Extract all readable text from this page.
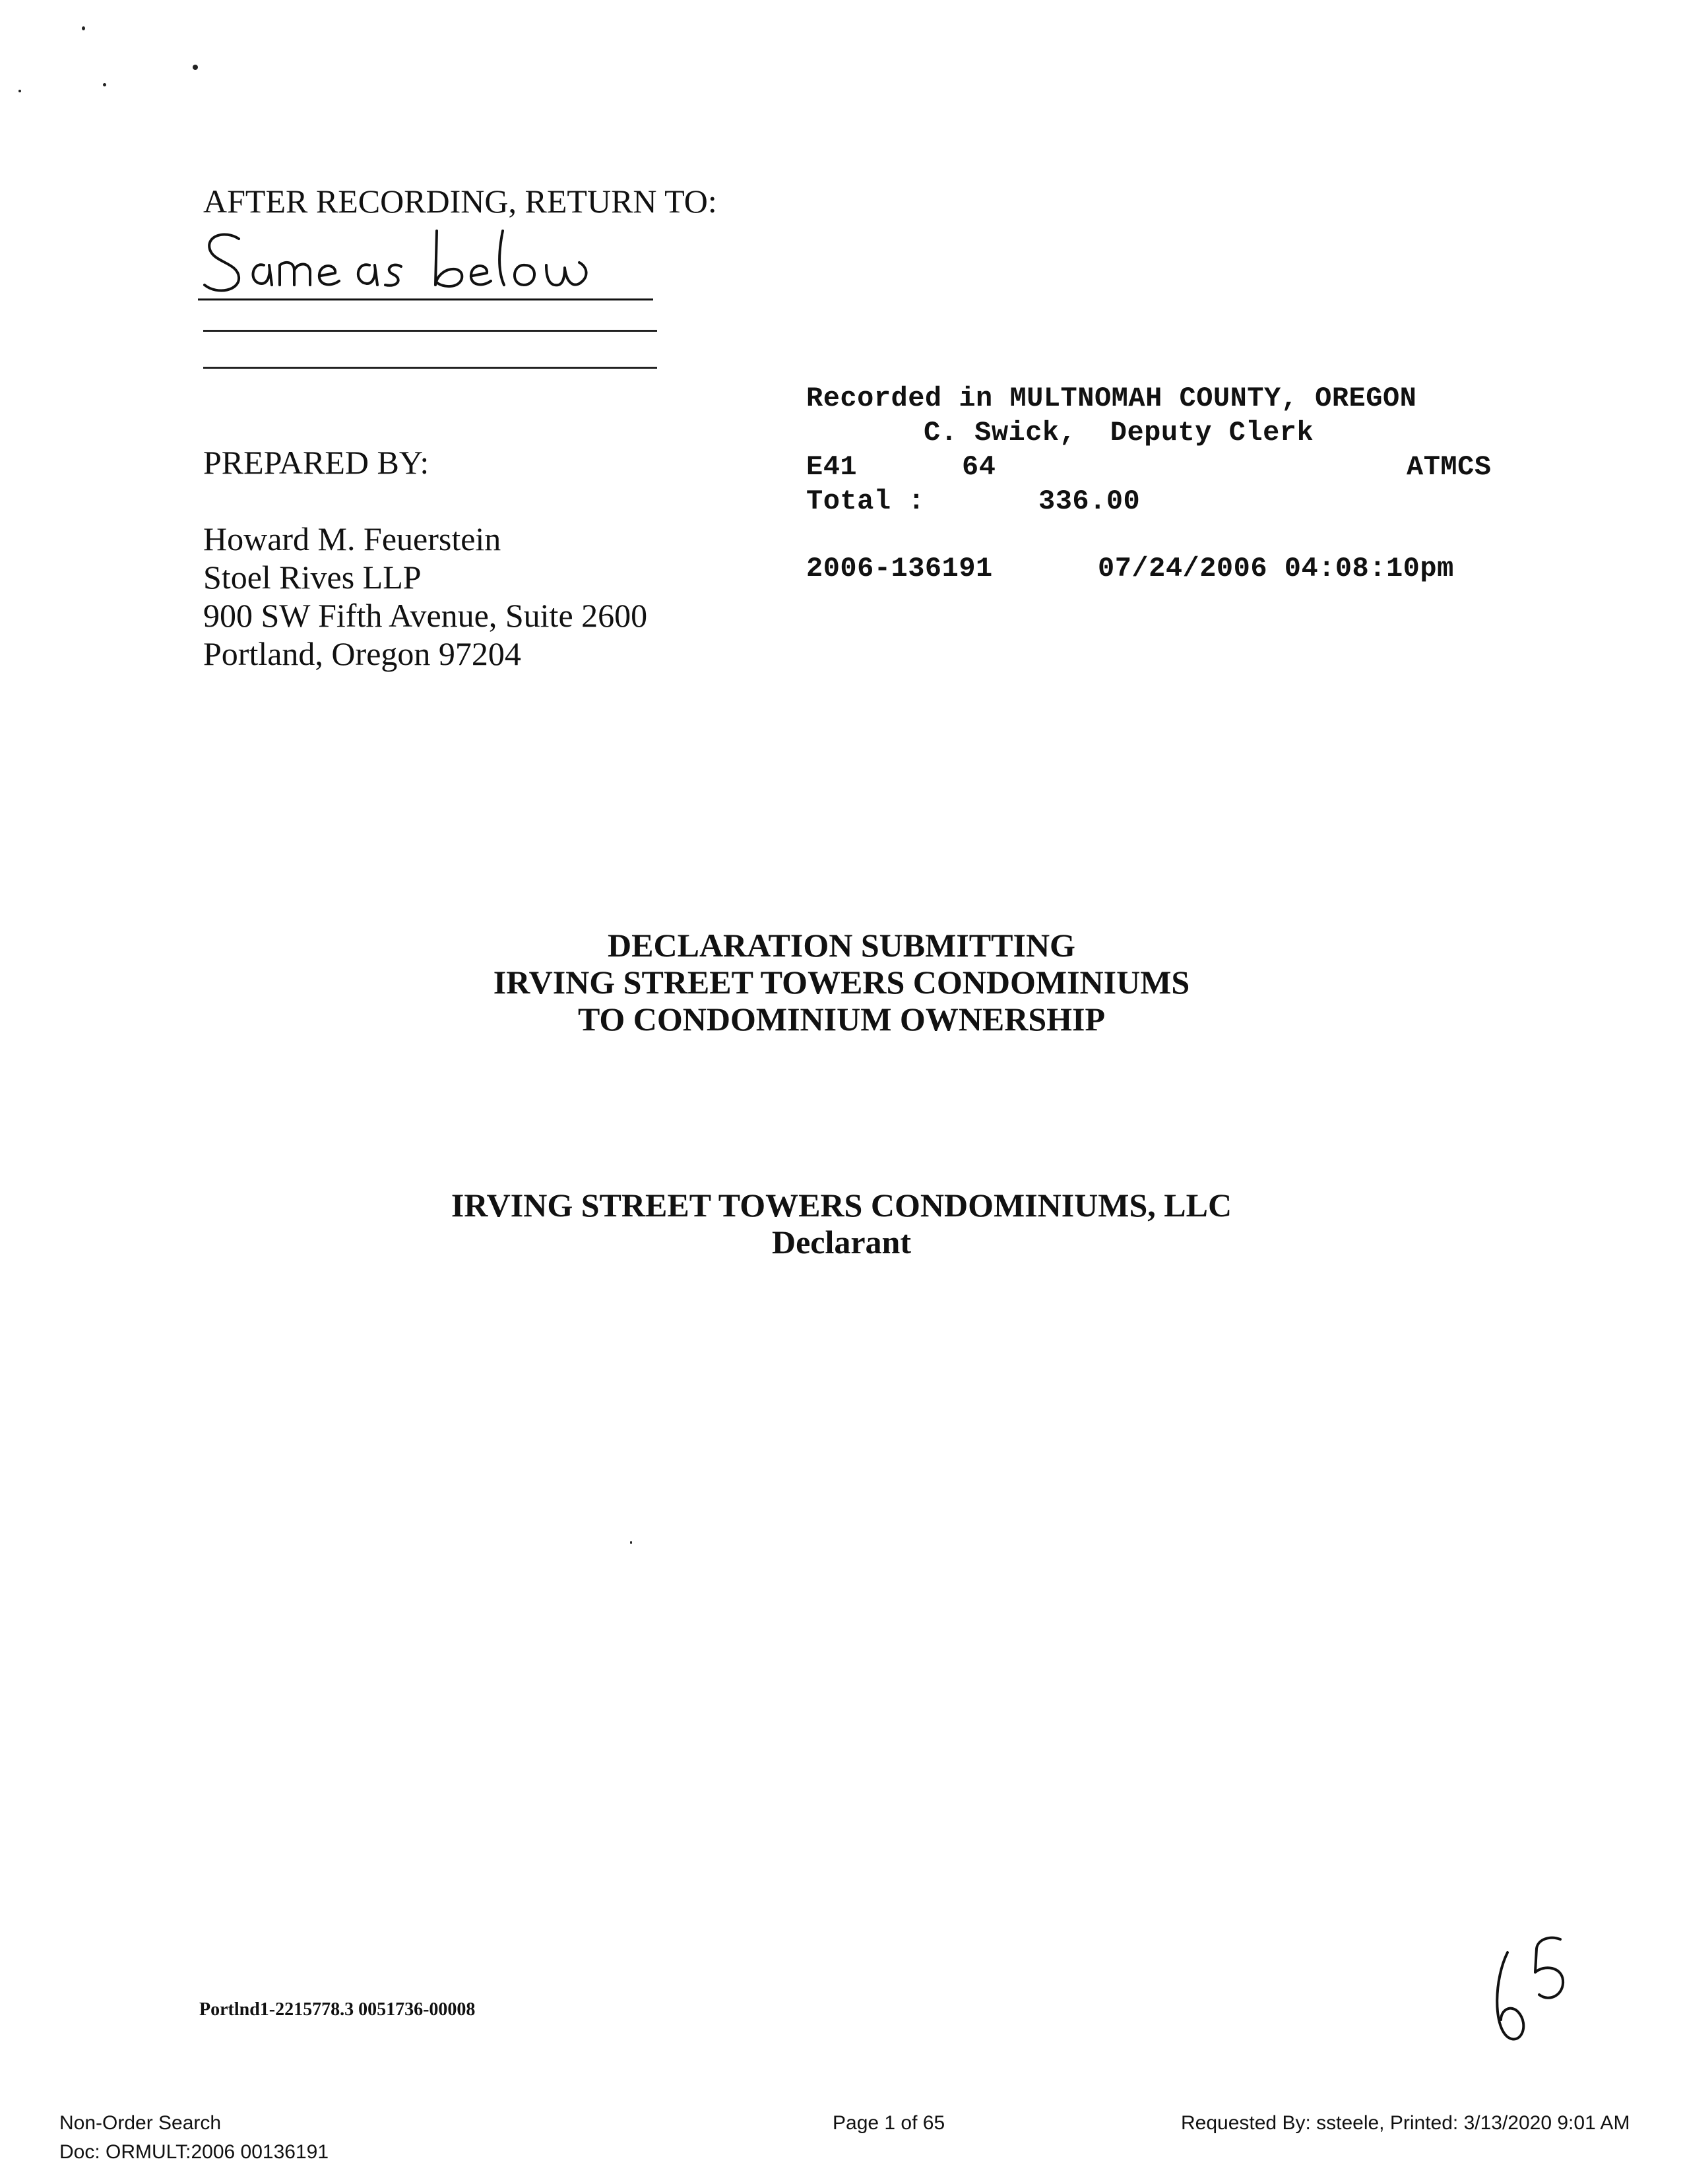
AFTER RECORDING, RETURN TO:
PREPARED BY:
Howard M. Feuerstein
Stoel Rives LLP
900 SW Fifth Avenue, Suite 2600
Portland, Oregon 97204
Recorded in MULTNOMAH COUNTY, OREGON
C. Swick,  Deputy Clerk
E41	64	ATMCS
Total :	336.00
2006-136191	07/24/2006 04:08:10pm
DECLARATION SUBMITTING
IRVING STREET TOWERS CONDOMINIUMS
TO CONDOMINIUM OWNERSHIP
IRVING STREET TOWERS CONDOMINIUMS, LLC
Declarant
Portlnd1-2215778.3 0051736-00008
Non-Order Search
Doc: ORMULT:2006 00136191
Page 1 of 65	Requested By: ssteele, Printed: 3/13/2020 9:01 AM
